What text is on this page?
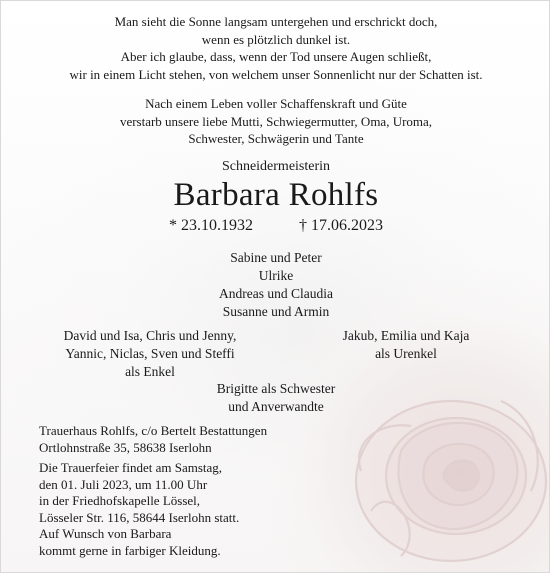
Man sieht die Sonne langsam untergehen und erschrickt doch,
wenn es plötzlich dunkel ist.
Aber ich glaube, dass, wenn der Tod unsere Augen schließt,
wir in einem Licht stehen, von welchem unser Sonnenlicht nur der Schatten ist.
Nach einem Leben voller Schaffenskraft und Güte
verstarb unsere liebe Mutti, Schwiegermutter, Oma, Uroma,
Schwester, Schwägerin und Tante
Schneidermeisterin
Barbara Rohlfs
* 23.10.1932	† 17.06.2023
Sabine und Peter
Ulrike
Andreas und Claudia
Susanne und Armin
David und Isa, Chris und Jenny,
Yannic, Niclas, Sven und Steffi
als Enkel
Jakub, Emilia und Kaja
als Urenkel
Brigitte als Schwester
und Anverwandte
Trauerhaus Rohlfs, c/o Bertelt Bestattungen
Ortlohnstraße 35, 58638 Iserlohn
Die Trauerfeier findet am Samstag,
den 01. Juli 2023, um 11.00 Uhr
in der Friedhofskapelle Lössel,
Lösseler Str. 116, 58644 Iserlohn statt.
Auf Wunsch von Barbara
kommt gerne in farbiger Kleidung.
